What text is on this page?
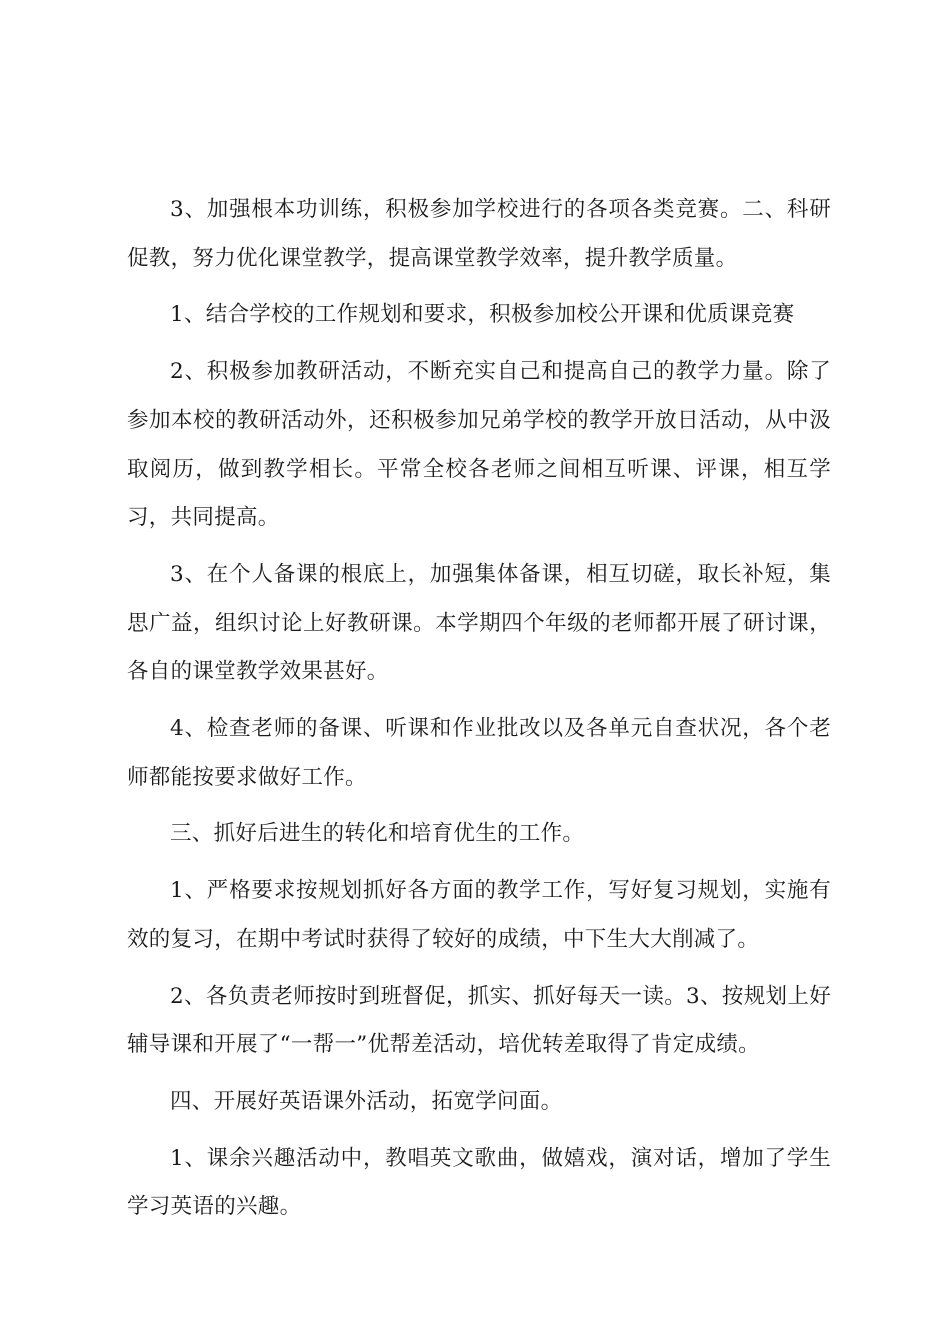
3、加强根本功训练，积极参加学校进行的各项各类竞赛。二、科研促教，努力优化课堂教学，提高课堂教学效率，提升教学质量。

1、结合学校的工作规划和要求，积极参加校公开课和优质课竞赛

2、积极参加教研活动，不断充实自己和提高自己的教学力量。除了参加本校的教研活动外，还积极参加兄弟学校的教学开放日活动，从中汲取阅历，做到教学相长。平常全校各老师之间相互听课、评课，相互学习，共同提高。

3、在个人备课的根底上，加强集体备课，相互切磋，取长补短，集思广益，组织讨论上好教研课。本学期四个年级的老师都开展了研讨课，各自的课堂教学效果甚好。

4、检查老师的备课、听课和作业批改以及各单元自查状况，各个老师都能按要求做好工作。

三、抓好后进生的转化和培育优生的工作。

1、严格要求按规划抓好各方面的教学工作，写好复习规划，实施有效的复习，在期中考试时获得了较好的成绩，中下生大大削减了。

2、各负责老师按时到班督促，抓实、抓好每天一读。3、按规划上好辅导课和开展了“一帮一”优帮差活动，培优转差取得了肯定成绩。

四、开展好英语课外活动，拓宽学问面。

1、课余兴趣活动中，教唱英文歌曲，做嬉戏，演对话，增加了学生学习英语的兴趣。
